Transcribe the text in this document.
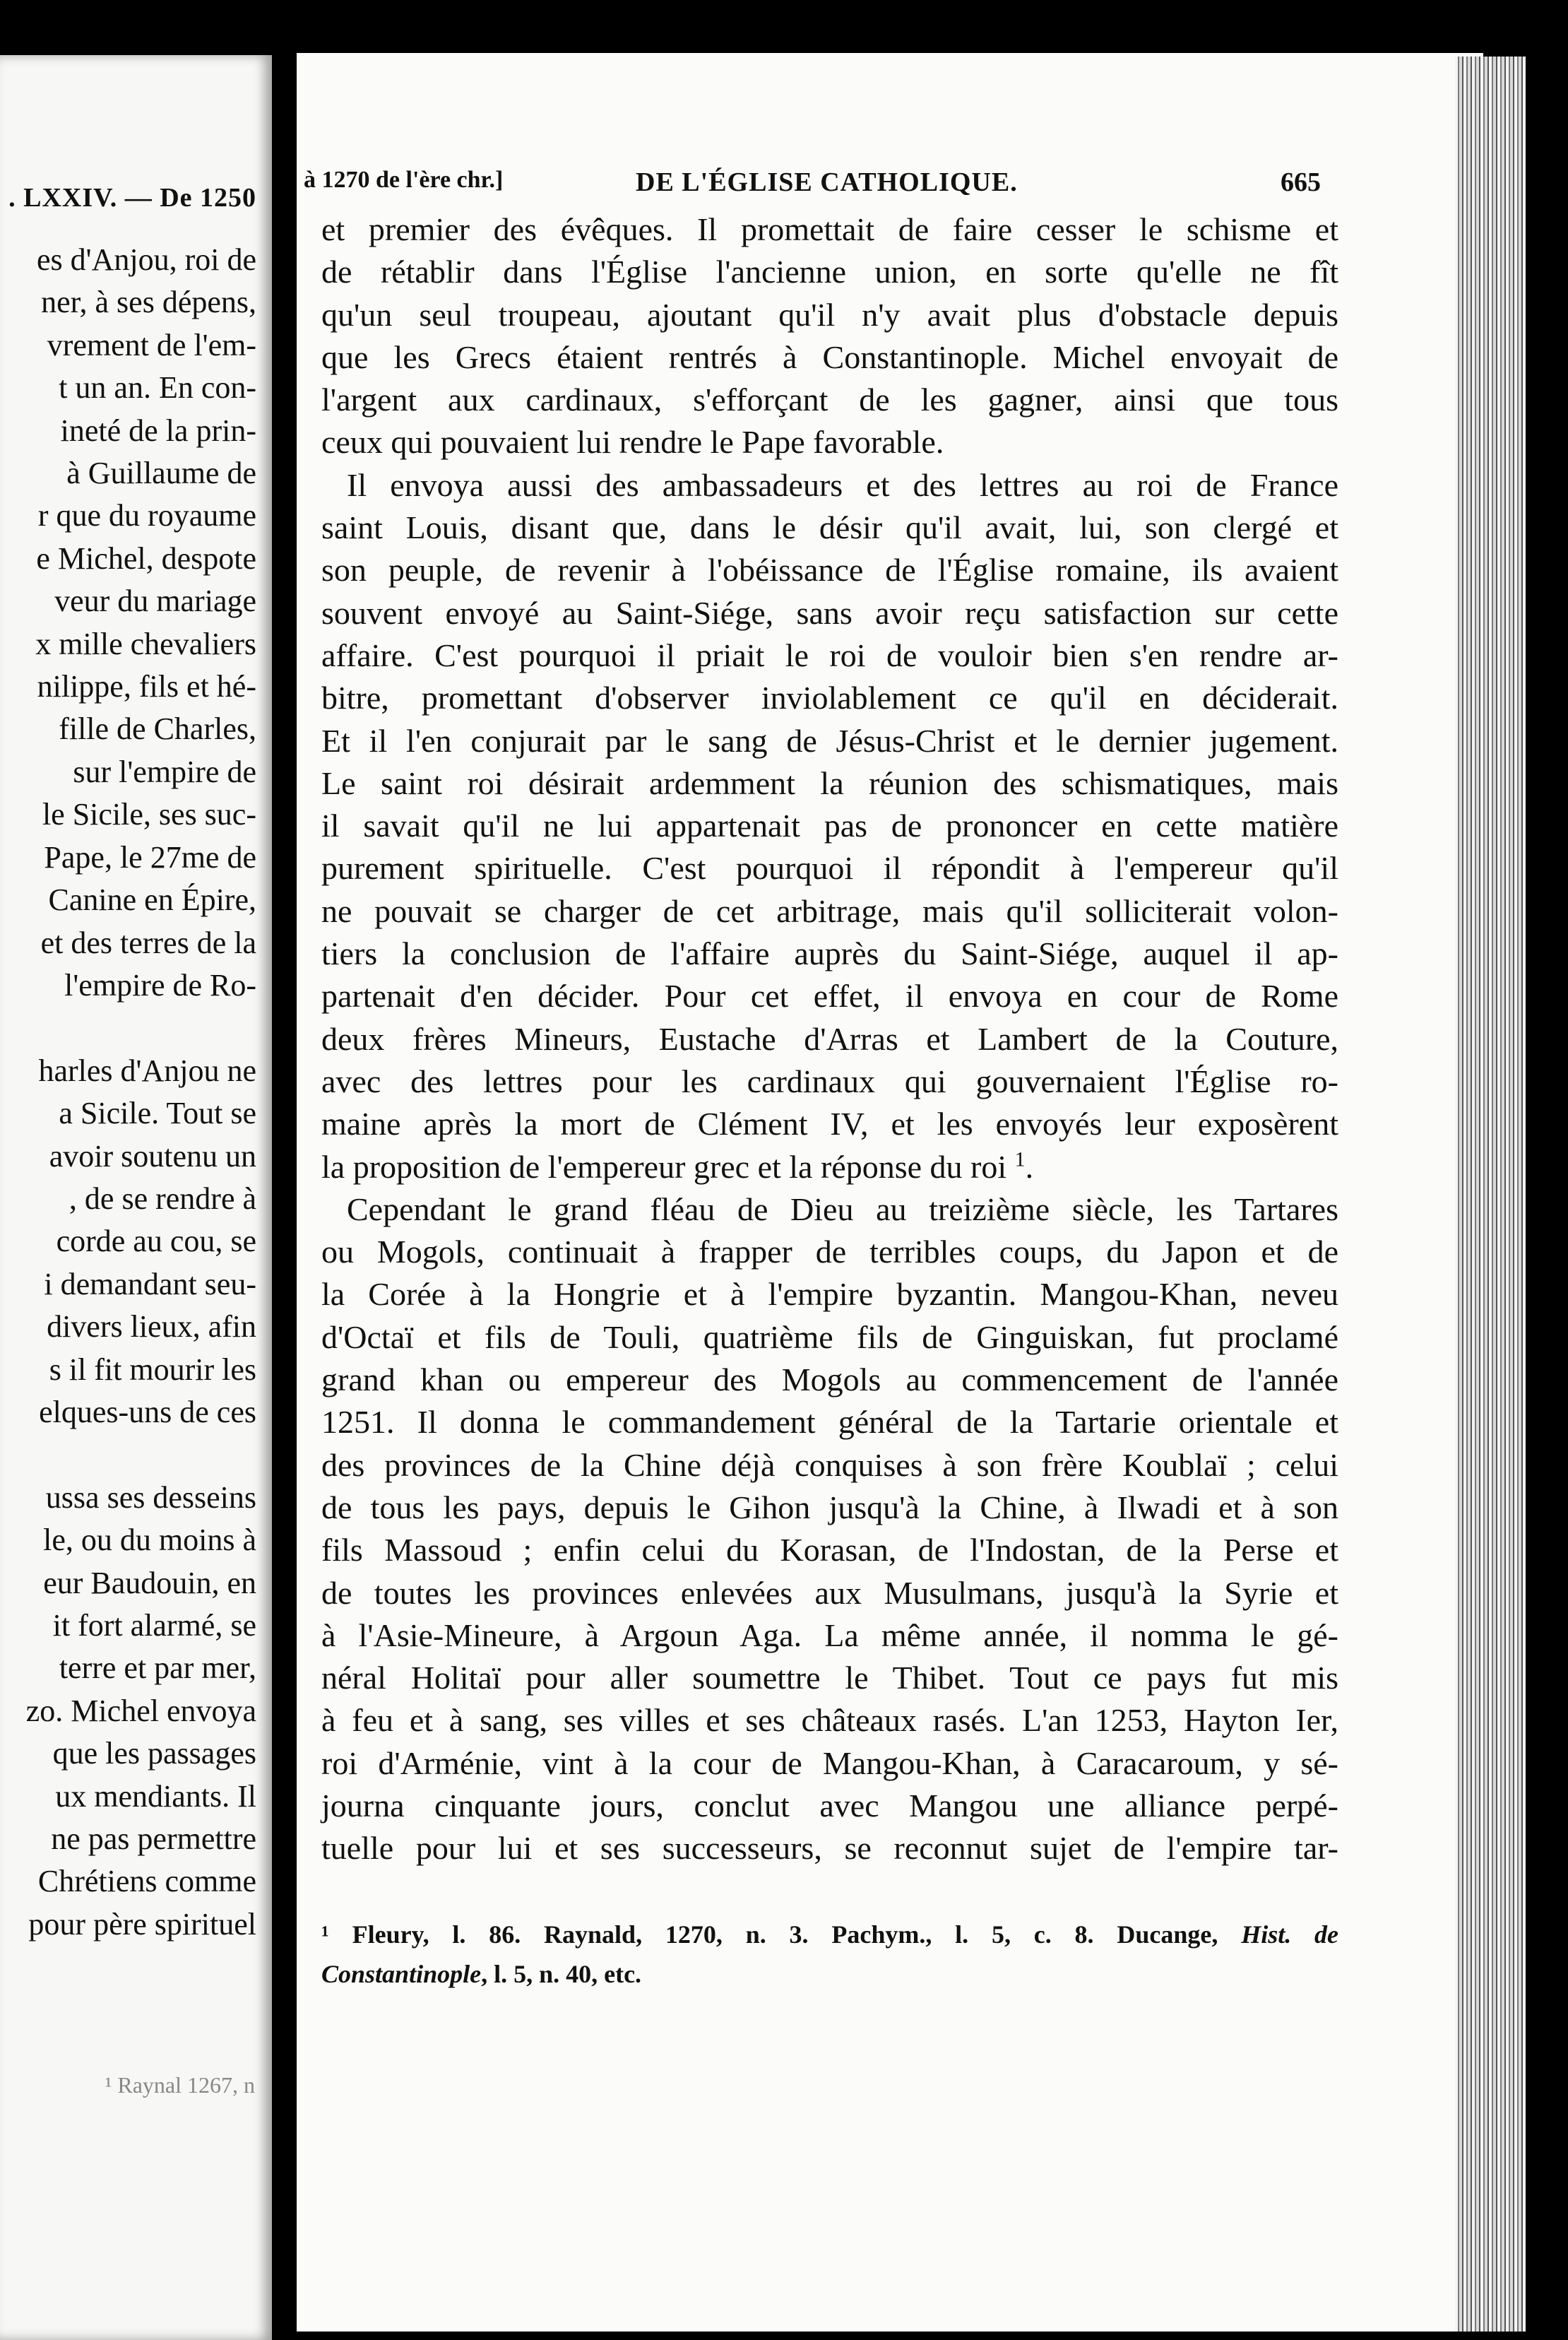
. LXXIV. — De 1250
es d'Anjou, roi de
ner, à ses dépens,
vrement de l'em-
t un an. En con-
ineté de la prin-
à Guillaume de
r que du royaume
e Michel, despote
veur du mariage
x mille chevaliers
nilippe, fils et hé-
fille de Charles,
sur l'empire de
le Sicile, ses suc-
Pape, le 27me de
Canine en Épire,
et des terres de la
l'empire de Ro-

harles d'Anjou ne
a Sicile. Tout se
avoir soutenu un
, de se rendre à
corde au cou, se
i demandant seu-
divers lieux, afin
s il fit mourir les
elques-uns de ces

ussa ses desseins
le, ou du moins à
eur Baudouin, en
it fort alarmé, se
terre et par mer,
zo. Michel envoya
que les passages
ux mendiants. Il
ne pas permettre
Chrétiens comme
pour père spirituel
¹ Raynal 1267, n
à 1270 de l'ère chr.]	DE L'ÉGLISE CATHOLIQUE.	665
et premier des évêques. Il promettait de faire cesser le schisme et
de rétablir dans l'Église l'ancienne union, en sorte qu'elle ne fît
qu'un seul troupeau, ajoutant qu'il n'y avait plus d'obstacle depuis
que les Grecs étaient rentrés à Constantinople. Michel envoyait de
l'argent aux cardinaux, s'efforçant de les gagner, ainsi que tous
ceux qui pouvaient lui rendre le Pape favorable.
Il envoya aussi des ambassadeurs et des lettres au roi de France
saint Louis, disant que, dans le désir qu'il avait, lui, son clergé et
son peuple, de revenir à l'obéissance de l'Église romaine, ils avaient
souvent envoyé au Saint-Siége, sans avoir reçu satisfaction sur cette
affaire. C'est pourquoi il priait le roi de vouloir bien s'en rendre ar-
bitre, promettant d'observer inviolablement ce qu'il en déciderait.
Et il l'en conjurait par le sang de Jésus-Christ et le dernier jugement.
Le saint roi désirait ardemment la réunion des schismatiques, mais
il savait qu'il ne lui appartenait pas de prononcer en cette matière
purement spirituelle. C'est pourquoi il répondit à l'empereur qu'il
ne pouvait se charger de cet arbitrage, mais qu'il solliciterait volon-
tiers la conclusion de l'affaire auprès du Saint-Siége, auquel il ap-
partenait d'en décider. Pour cet effet, il envoya en cour de Rome
deux frères Mineurs, Eustache d'Arras et Lambert de la Couture,
avec des lettres pour les cardinaux qui gouvernaient l'Église ro-
maine après la mort de Clément IV, et les envoyés leur exposèrent
la proposition de l'empereur grec et la réponse du roi $^1$.
Cependant le grand fléau de Dieu au treizième siècle, les Tartares
ou Mogols, continuait à frapper de terribles coups, du Japon et de
la Corée à la Hongrie et à l'empire byzantin. Mangou-Khan, neveu
d'Octaï et fils de Touli, quatrième fils de Ginguiskan, fut proclamé
grand khan ou empereur des Mogols au commencement de l'année
1251. Il donna le commandement général de la Tartarie orientale et
des provinces de la Chine déjà conquises à son frère Koublaï ; celui
de tous les pays, depuis le Gihon jusqu'à la Chine, à Ilwadi et à son
fils Massoud ; enfin celui du Korasan, de l'Indostan, de la Perse et
de toutes les provinces enlevées aux Musulmans, jusqu'à la Syrie et
à l'Asie-Mineure, à Argoun Aga. La même année, il nomma le gé-
néral Holitaï pour aller soumettre le Thibet. Tout ce pays fut mis
à feu et à sang, ses villes et ses châteaux rasés. L'an 1253, Hayton Ier,
roi d'Arménie, vint à la cour de Mangou-Khan, à Caracaroum, y sé-
journa cinquante jours, conclut avec Mangou une alliance perpé-
tuelle pour lui et ses successeurs, se reconnut sujet de l'empire tar-
¹ Fleury, l. 86. Raynald, 1270, n. 3. Pachym., l. 5, c. 8. Ducange, Hist. de
Constantinople, l. 5, n. 40, etc.
